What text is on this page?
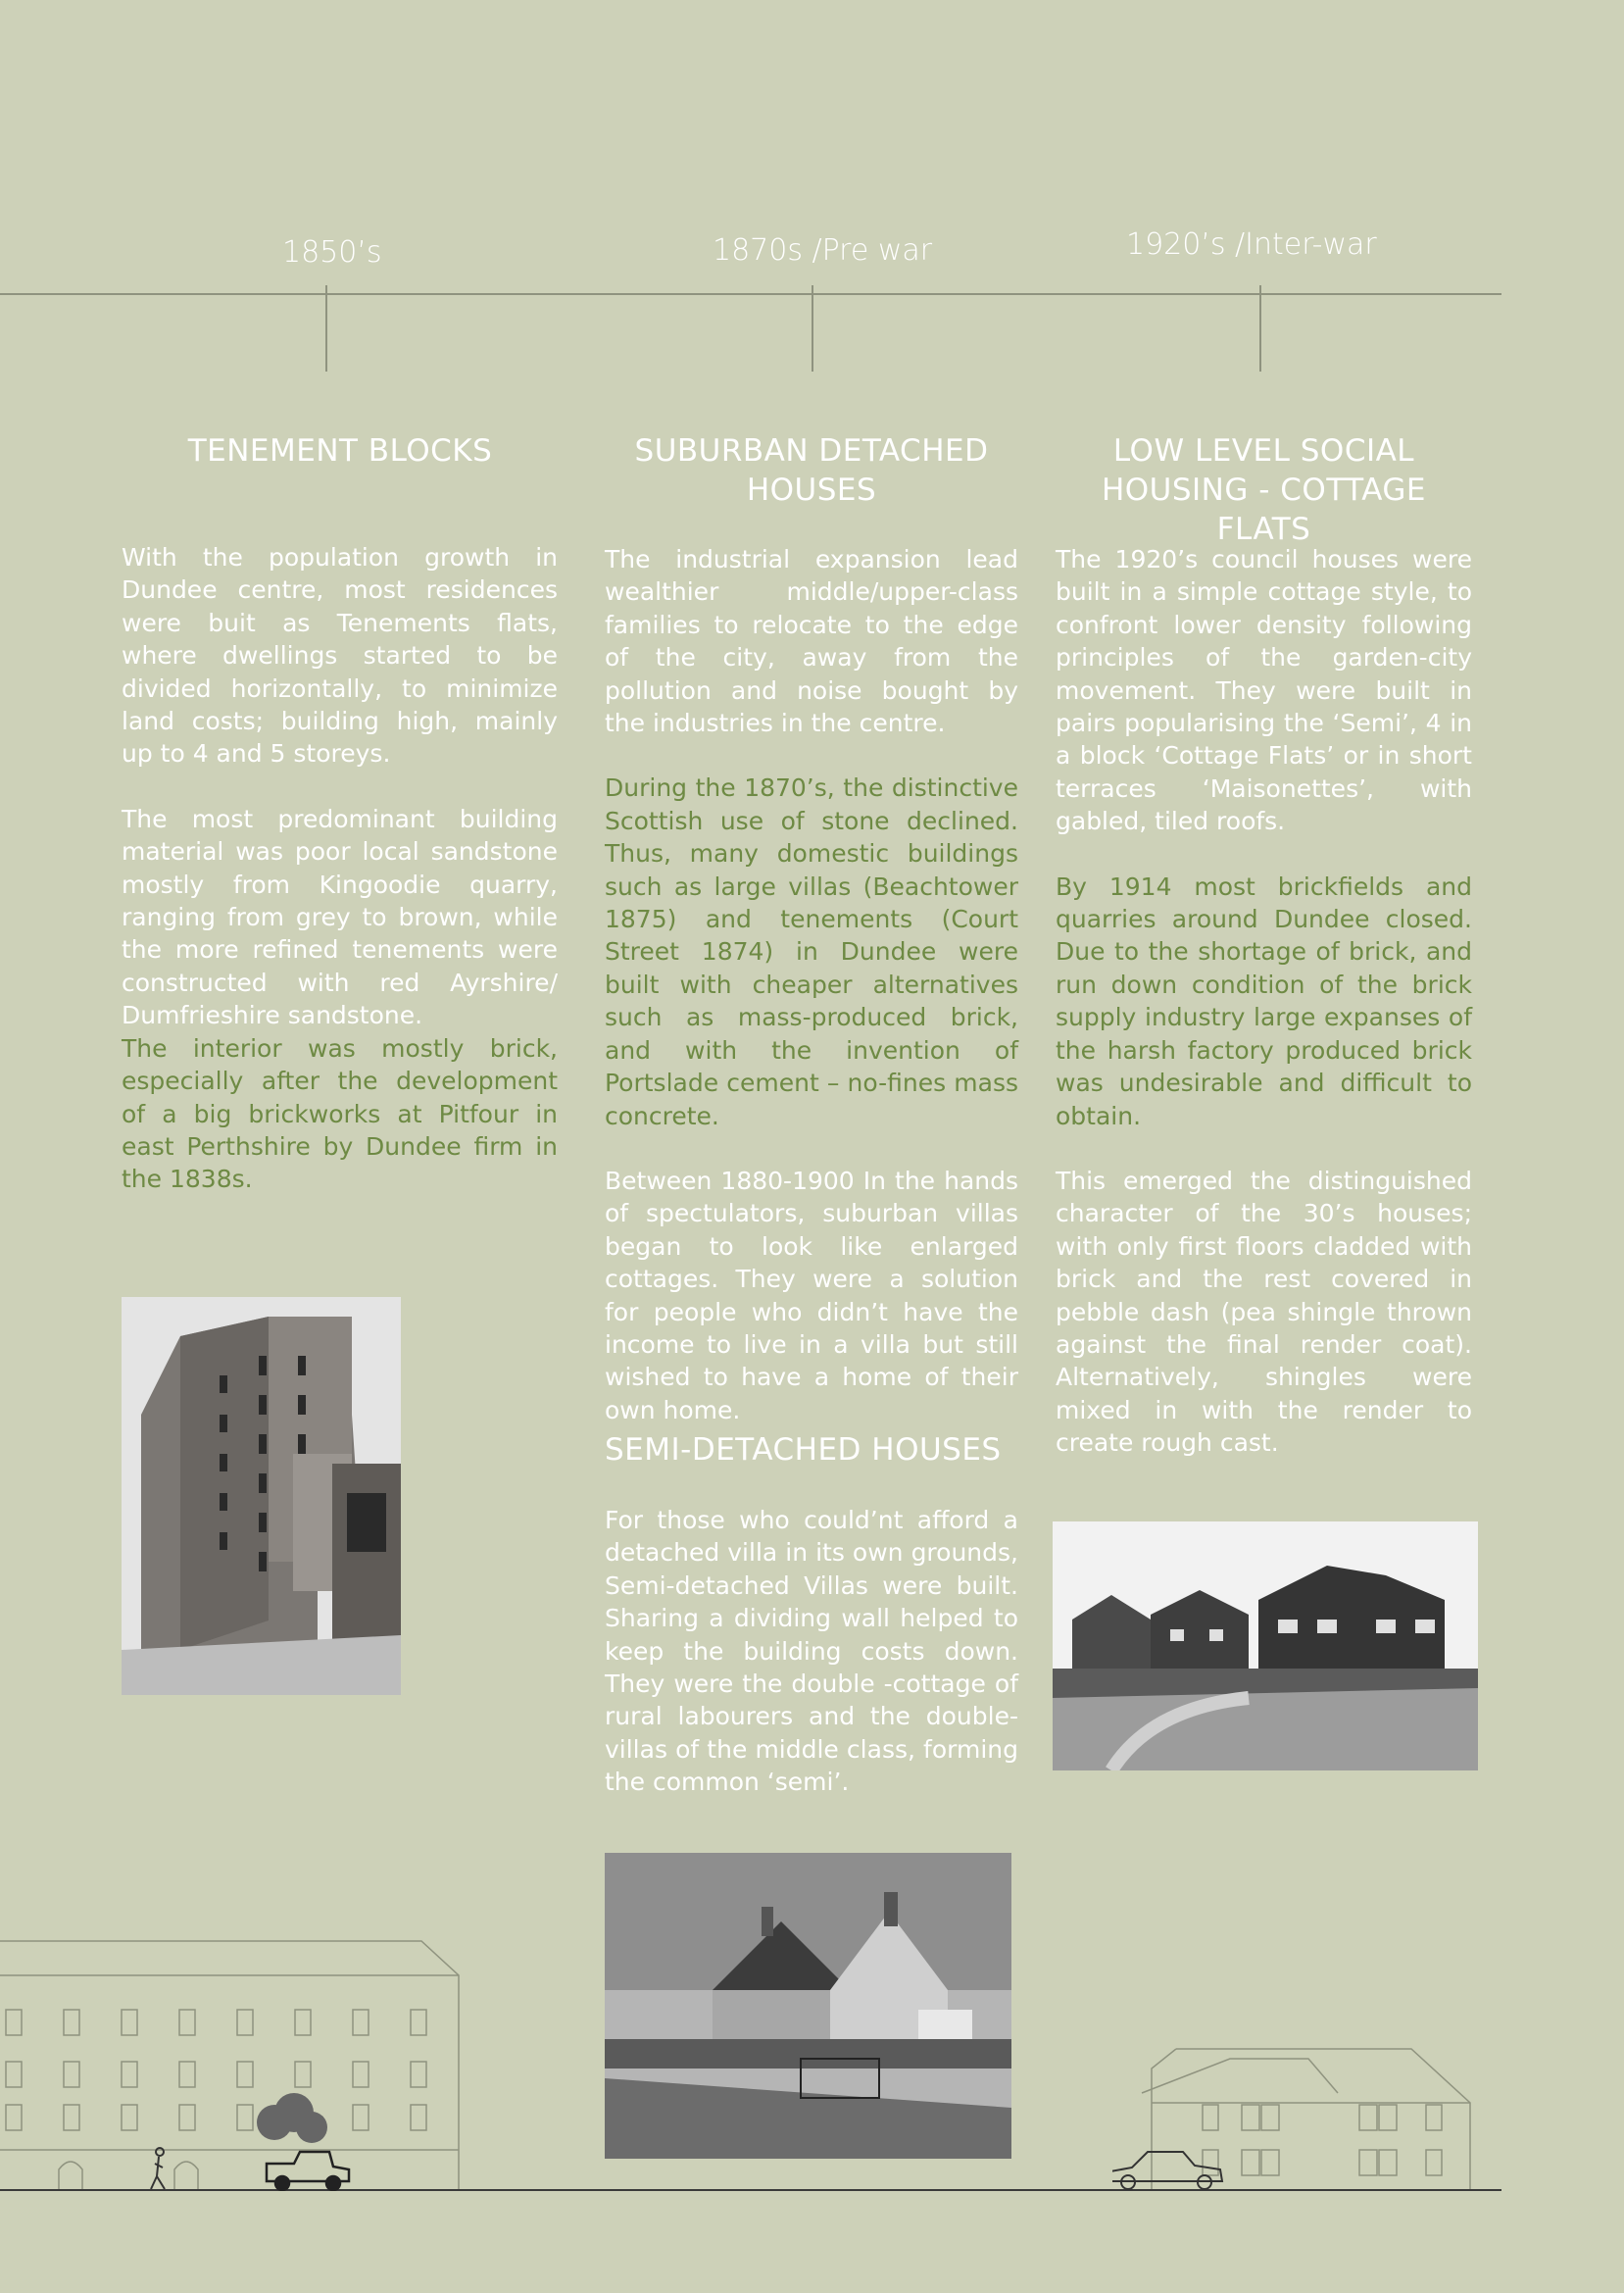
1850’s	1870s /Pre war	1920’s /Inter-war
TENEMENT BLOCKS

With the population growth in Dundee centre, most residences were buit as Tenements flats, where dwellings started to be divided horizontally, to minimize land costs; building high, mainly up to 4 and 5 storeys.

The most predominant building material was poor local sandstone mostly from Kingoodie quarry, ranging from grey to brown, while the more refined tenements were constructed with red Ayrshire/ Dumfrieshire sandstone.

The interior was mostly brick, especially after the development of a big brickworks at Pitfour in east Perthshire by Dundee firm in the 1838s.

SUBURBAN DETACHED HOUSES

The industrial expansion lead wealthier middle/upper-class families to relocate to the edge of the city, away from the pollution and noise bought by the industries in the centre.

During the 1870’s, the distinctive Scottish use of stone declined. Thus, many domestic buildings such as large villas (Beachtower 1875) and tenements (Court Street 1874) in Dundee were built with cheaper alternatives such as mass-produced brick, and with the invention of Portslade cement – no-fines mass concrete.

Between 1880-1900 In the hands of spectulators, suburban villas began to look like enlarged cottages. They were a solution for people who didn’t have the income to live in a villa but still wished to have a home of their own home.

SEMI-DETACHED HOUSES

For those who could’nt afford a detached villa in its own grounds, Semi-detached Villas were built. Sharing a dividing wall helped to keep the building costs down. They were the double -cottage of rural labourers and the double-villas of the middle class, forming the common ‘semi’.

LOW LEVEL SOCIAL HOUSING - COTTAGE FLATS

The 1920’s council houses were built in a simple cottage style, to confront lower density following principles of the garden-city movement. They were built in pairs popularising the ‘Semi’, 4 in a block ‘Cottage Flats’ or in short terraces ‘Maisonettes’, with gabled, tiled roofs.

By 1914 most brickfields and quarries around Dundee closed. Due to the shortage of brick, and run down condition of the brick supply industry large expanses of the harsh factory produced brick was undesirable and difficult to obtain.

This emerged the distinguished character of the 30’s houses; with only first floors cladded with brick and the rest covered in pebble dash (pea shingle thrown against the final render coat). Alternatively, shingles were mixed in with the render to create rough cast.
